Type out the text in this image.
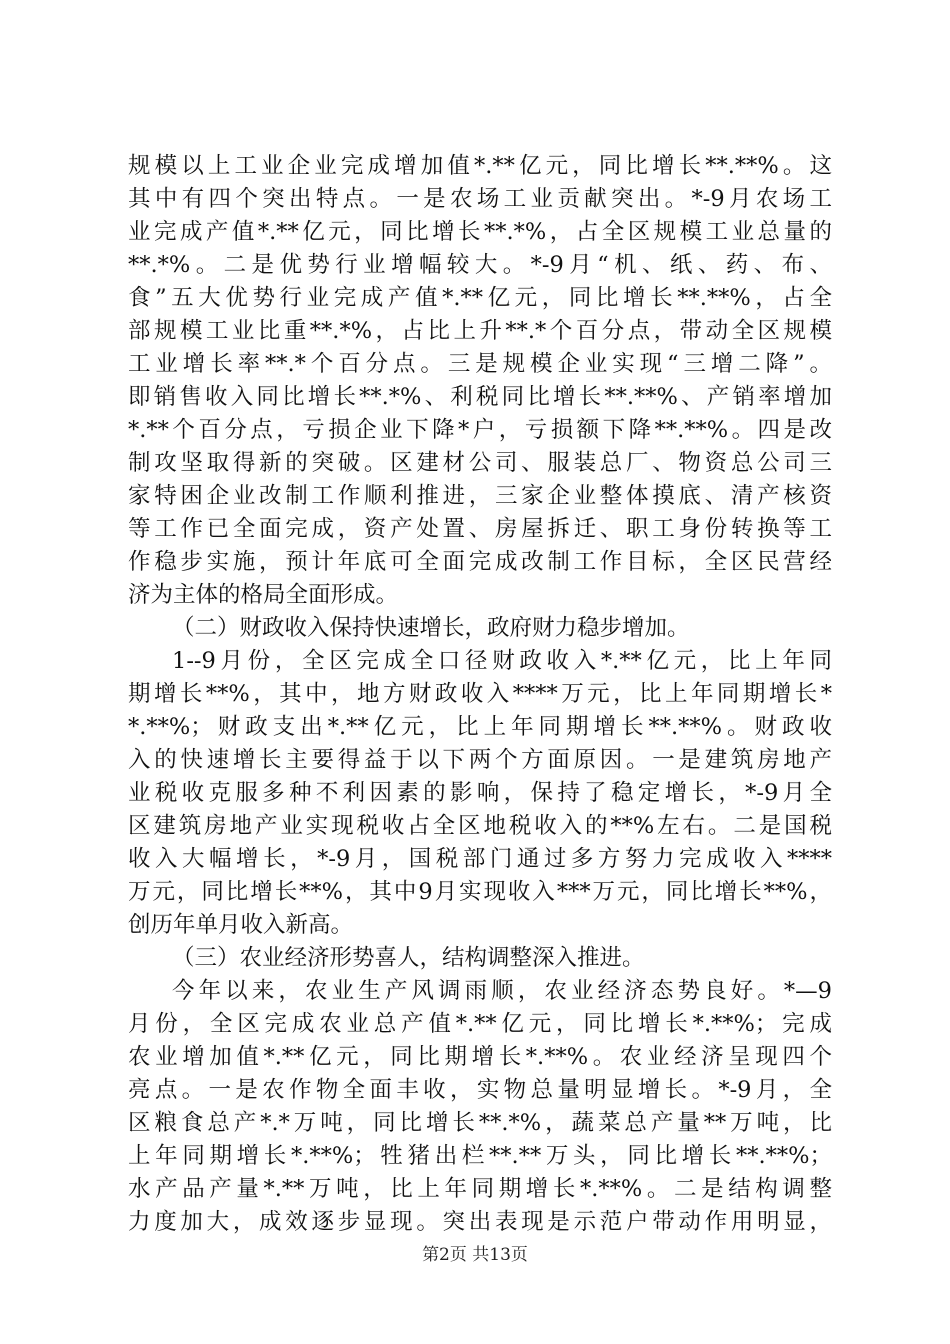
规模以上工业企业完成增加值*.**亿元，同比增长**.**%。这
其中有四个突出特点。一是农场工业贡献突出。*-9月农场工
业完成产值*.**亿元，同比增长**.*%，占全区规模工业总量的
**.*%。二是优势行业增幅较大。*-9月“机、纸、药、布、
食”五大优势行业完成产值*.**亿元，同比增长**.**%，占全
部规模工业比重**.*%，占比上升**.*个百分点，带动全区规模
工业增长率**.*个百分点。三是规模企业实现“三增二降”。
即销售收入同比增长**.*%、利税同比增长**.**%、产销率增加
*.**个百分点，亏损企业下降*户，亏损额下降**.**%。四是改
制攻坚取得新的突破。区建材公司、服装总厂、物资总公司三
家特困企业改制工作顺利推进，三家企业整体摸底、清产核资
等工作已全面完成，资产处置、房屋拆迁、职工身份转换等工
作稳步实施，预计年底可全面完成改制工作目标，全区民营经
济为主体的格局全面形成。
（二）财政收入保持快速增长，政府财力稳步增加。
1--9月份，全区完成全口径财政收入*.**亿元，比上年同
期增长**%，其中，地方财政收入****万元，比上年同期增长*
*.**%；财政支出*.**亿元，比上年同期增长**.**%。财政收
入的快速增长主要得益于以下两个方面原因。一是建筑房地产
业税收克服多种不利因素的影响，保持了稳定增长，*-9月全
区建筑房地产业实现税收占全区地税收入的**%左右。二是国税
收入大幅增长，*-9月，国税部门通过多方努力完成收入****
万元，同比增长**%，其中9月实现收入***万元，同比增长**%，
创历年单月收入新高。
（三）农业经济形势喜人，结构调整深入推进。
今年以来，农业生产风调雨顺，农业经济态势良好。*—9
月份，全区完成农业总产值*.**亿元，同比增长*.**%；完成
农业增加值*.**亿元，同比期增长*.**%。农业经济呈现四个
亮点。一是农作物全面丰收，实物总量明显增长。*-9月，全
区粮食总产*.*万吨，同比增长**.*%，蔬菜总产量**万吨，比
上年同期增长*.**%；牲猪出栏**.**万头，同比增长**.**%；
水产品产量*.**万吨，比上年同期增长*.**%。二是结构调整
力度加大，成效逐步显现。突出表现是示范户带动作用明显，
第2页 共13页
